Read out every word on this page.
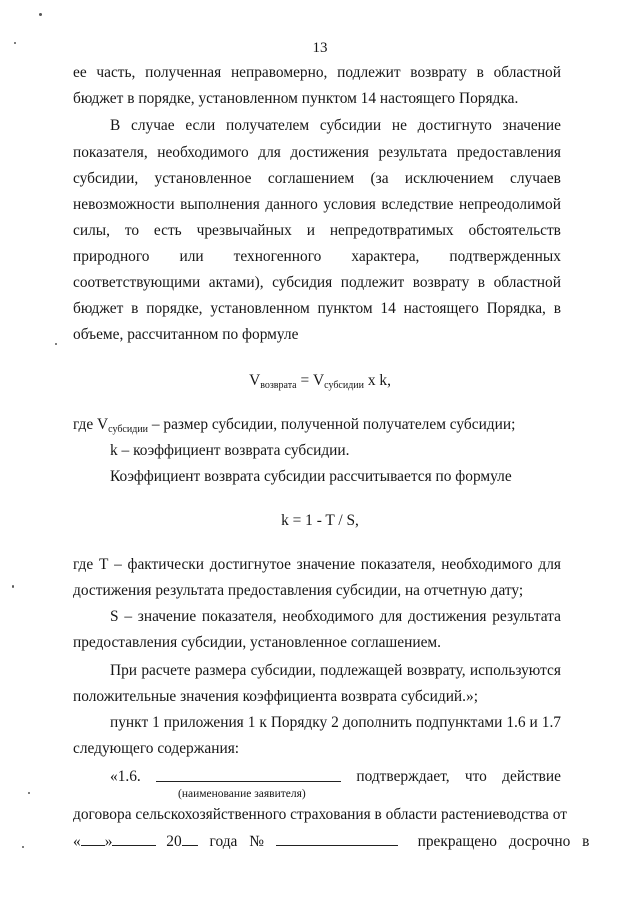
13
ее часть, полученная неправомерно, подлежит возврату в областной
бюджет в порядке, установленном пунктом 14 настоящего Порядка.
В случае если получателем субсидии не достигнуто значение
показателя, необходимого для достижения результата предоставления
субсидии, установленное соглашением (за исключением случаев
невозможности выполнения данного условия вследствие непреодолимой
силы, то есть чрезвычайных и непредотвратимых обстоятельств
природного или техногенного характера, подтвержденных
соответствующими актами), субсидия подлежит возврату в областной
бюджет в порядке, установленном пунктом 14 настоящего Порядка, в
объеме, рассчитанном по формуле
$V_{возврата} = V_{субсидии}$ x k,
где $V_{субсидии}$ – размер субсидии, полученной получателем субсидии;
k – коэффициент возврата субсидии.
Коэффициент возврата субсидии рассчитывается по формуле
k = 1 - T / S,
где Т – фактически достигнутое значение показателя, необходимого для
достижения результата предоставления субсидии, на отчетную дату;
S – значение показателя, необходимого для достижения результата
предоставления субсидии, установленное соглашением.
При расчете размера субсидии, подлежащей возврату, используются
положительные значения коэффициента возврата субсидий.»;
пункт 1 приложения 1 к Порядку 2 дополнить подпунктами 1.6 и 1.7
следующего содержания:
«1.6.	подтверждает, что действие
(наименование заявителя)
договора сельскохозяйственного страхования в области растениеводства от
« »	20 года №	прекращено досрочно в
